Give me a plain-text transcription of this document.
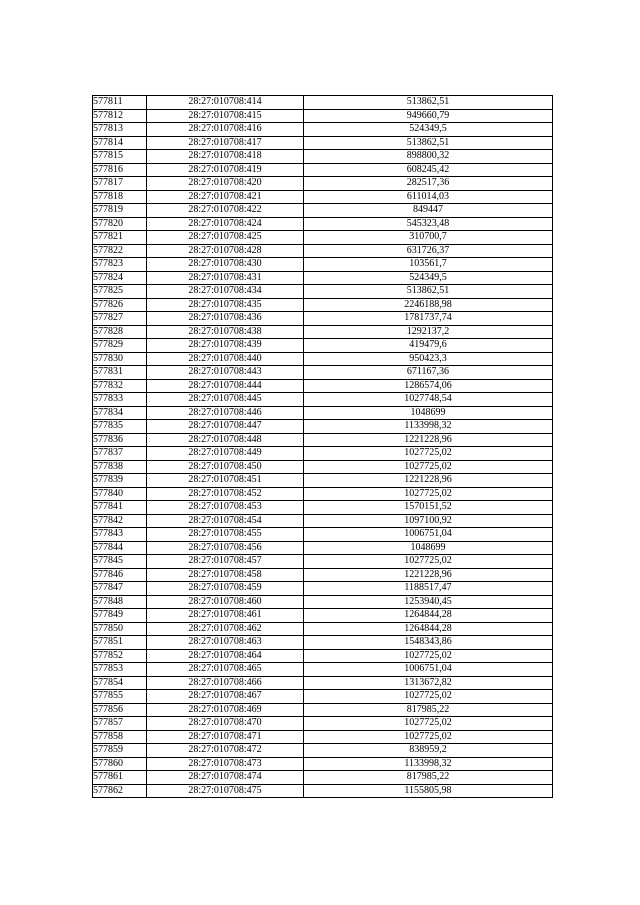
577811	28:27:010708:414	513862,51
577812	28:27:010708:415	949660,79
577813	28:27:010708:416	524349,5
577814	28:27:010708:417	513862,51
577815	28:27:010708:418	898800,32
577816	28:27:010708:419	608245,42
577817	28:27:010708:420	282517,36
577818	28:27:010708:421	611014,03
577819	28:27:010708:422	849447
577820	28:27:010708:424	545323,48
577821	28:27:010708:425	310700,7
577822	28:27:010708:428	631726,37
577823	28:27:010708:430	103561,7
577824	28:27:010708:431	524349,5
577825	28:27:010708:434	513862,51
577826	28:27:010708:435	2246188,98
577827	28:27:010708:436	1781737,74
577828	28:27:010708:438	1292137,2
577829	28:27:010708:439	419479,6
577830	28:27:010708:440	950423,3
577831	28:27:010708:443	671167,36
577832	28:27:010708:444	1286574,06
577833	28:27:010708:445	1027748,54
577834	28:27:010708:446	1048699
577835	28:27:010708:447	1133998,32
577836	28:27:010708:448	1221228,96
577837	28:27:010708:449	1027725,02
577838	28:27:010708:450	1027725,02
577839	28:27:010708:451	1221228,96
577840	28:27:010708:452	1027725,02
577841	28:27:010708:453	1570151,52
577842	28:27:010708:454	1097100,92
577843	28:27:010708:455	1006751,04
577844	28:27:010708:456	1048699
577845	28:27:010708:457	1027725,02
577846	28:27:010708:458	1221228,96
577847	28:27:010708:459	1188517,47
577848	28:27:010708:460	1253940,45
577849	28:27:010708:461	1264844,28
577850	28:27:010708:462	1264844,28
577851	28:27:010708:463	1548343,86
577852	28:27:010708:464	1027725,02
577853	28:27:010708:465	1006751,04
577854	28:27:010708:466	1313672,82
577855	28:27:010708:467	1027725,02
577856	28:27:010708:469	817985,22
577857	28:27:010708:470	1027725,02
577858	28:27:010708:471	1027725,02
577859	28:27:010708:472	838959,2
577860	28:27:010708:473	1133998,32
577861	28:27:010708:474	817985,22
577862	28:27:010708:475	1155805,98
